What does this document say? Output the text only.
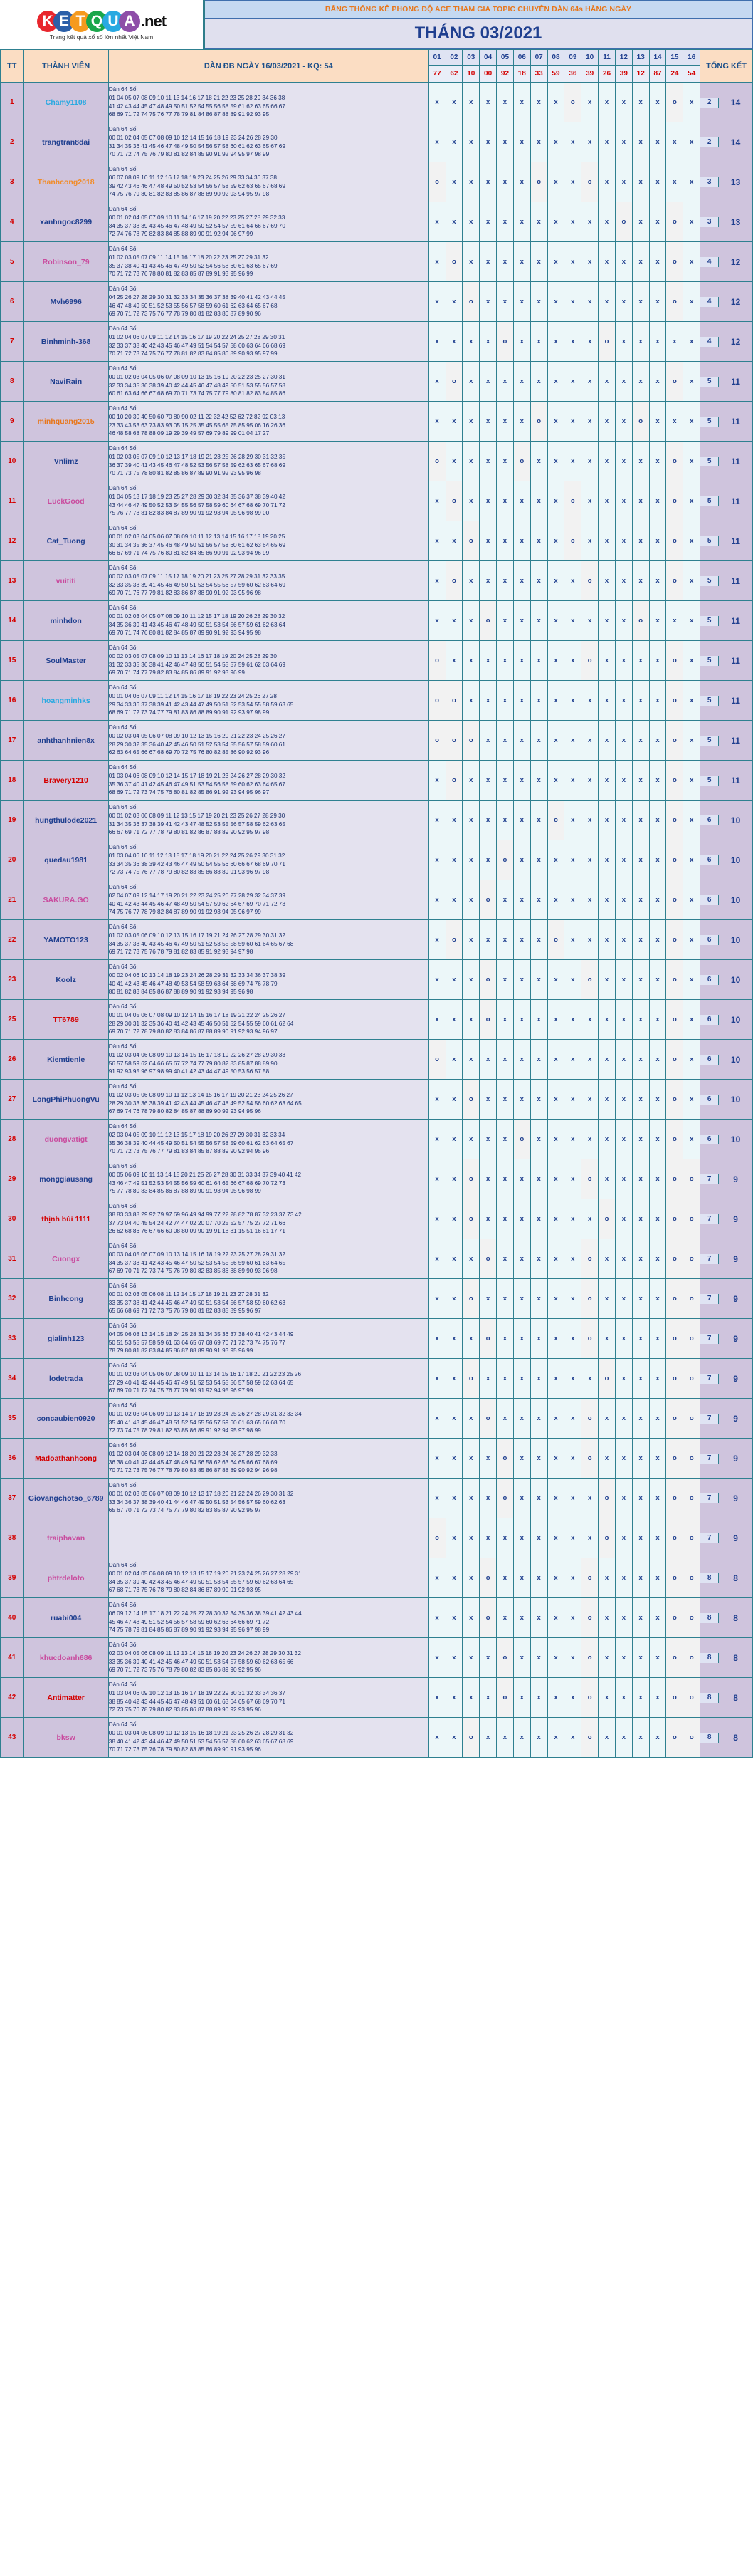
K E T Q U A .net
Trang kết quả xổ số lớn nhất Việt Nam
BẢNG THỐNG KÊ PHONG ĐỘ ACE THAM GIA TOPIC CHUYÊN DÀN 64s HÀNG NGÀY
THÁNG 03/2021
TT	THÀNH VIÊN	DÀN ĐB NGÀY 16/03/2021 - KQ: 54	01	02	03	04	05	06	07	08	09	10	11	12	13	14	15	16	TỔNG KẾT
			77	62	10	00	92	18	33	59	36	39	26	39	12	87	24	54	
1	Chamy1108	
Dàn 64 Số:
01 04 05 07 08 09 10 11 13 14 16 17 18 21 22 23 25 28 29 34 36 38
41 42 43 44 45 47 48 49 50 51 52 54 55 56 58 59 61 62 63 65 66 67
68 69 71 72 74 75 76 77 78 79 81 84 86 87 88 89 91 92 93 95
	x	x	x	x	x	x	x	x	o	x	x	x	x	x	o	x	2	14

2	trangtran8dai	
Dàn 64 Số:
00 01 02 04 05 07 08 09 10 12 14 15 16 18 19 23 24 26 28 29 30
31 34 35 36 41 45 46 47 48 49 50 54 56 57 58 60 61 62 63 65 67 69
70 71 72 74 75 76 79 80 81 82 84 85 90 91 92 94 95 97 98 99
	x	x	x	x	x	x	x	x	x	x	x	x	x	x	x	x	2	14

3	Thanhcong2018	
Dàn 64 Số:
06 07 08 09 10 11 12 16 17 18 19 23 24 25 26 29 33 34 36 37 38
39 42 43 46 46 47 48 49 50 52 53 54 56 57 58 59 62 63 65 67 68 69
74 75 76 79 80 81 82 83 85 86 87 88 89 90 92 93 94 95 97 98
	o	x	x	x	x	x	o	x	x	o	x	x	x	x	x	x	3	13

4	xanhngoc8299	
Dàn 64 Số:
00 01 02 04 05 07 09 10 11 14 16 17 19 20 22 23 25 27 28 29 32 33
34 35 37 38 39 43 45 46 47 48 49 50 52 54 57 59 61 64 66 67 69 70
72 74 76 78 79 82 83 84 85 88 89 90 91 92 94 96 97 99
	x	x	x	x	x	x	x	x	x	x	x	o	x	x	o	x	3	13

5	Robinson_79	
Dàn 64 Số:
01 02 03 05 07 09 11 14 15 16 17 18 20 22 23 25 27 29 31 32
35 37 38 40 41 43 45 46 47 49 50 52 54 56 58 60 61 63 65 67 69
70 71 72 73 76 78 80 81 82 83 85 87 89 91 93 95 96 99
	x	o	x	x	x	x	x	x	x	x	x	x	x	x	o	x	4	12

6	Mvh6996	
Dàn 64 Số:
04 25 26 27 28 29 30 31 32 33 34 35 36 37 38 39 40 41 42 43 44 45
46 47 48 49 50 51 52 53 55 56 57 58 59 60 61 62 63 64 65 67 68
69 70 71 72 73 75 76 77 78 79 80 81 82 83 86 87 89 90 96
	x	x	o	x	x	x	x	x	x	x	x	x	x	x	o	x	4	12

7	Binhminh-368	
Dàn 64 Số:
01 02 04 06 07 09 11 12 14 15 16 17 19 20 22 24 25 27 28 29 30 31
32 33 37 38 40 42 43 45 46 47 49 51 54 54 57 58 60 63 64 66 68 69
70 71 72 73 74 75 76 77 78 81 82 83 84 85 86 89 90 93 95 97 99
	x	x	x	x	o	x	x	x	x	x	o	x	x	x	x	x	4	12

8	NaviRain	
Dàn 64 Số:
00 01 02 03 04 05 06 07 08 09 10 13 15 16 19 20 22 23 25 27 30 31
32 33 34 35 36 38 39 40 42 44 45 46 47 48 49 50 51 53 55 56 57 58
60 61 63 64 66 67 68 69 70 71 73 74 75 77 79 80 81 82 83 84 85 86
	x	o	x	x	x	x	x	x	x	x	x	x	x	x	o	x	5	11

9	minhquang2015	
Dàn 64 Số:
00 10 20 30 40 50 60 70 80 90 02 11 22 32 42 52 62 72 82 92 03 13
23 33 43 53 63 73 83 93 05 15 25 35 45 55 65 75 85 95 06 16 26 36
46 48 58 68 78 88 09 19 29 39 49 57 69 79 89 99 01 04 17 27
	x	x	x	x	x	x	o	x	x	x	x	x	o	x	x	x	5	11

10	Vnlimz	
Dàn 64 Số:
01 02 03 05 07 09 10 12 13 17 18 19 21 23 25 26 28 29 30 31 32 35
36 37 39 40 41 43 45 46 47 48 52 53 56 57 58 59 62 63 65 67 68 69
70 71 73 75 78 80 81 82 85 86 87 89 90 91 92 93 95 96 98
	o	x	x	x	x	o	x	x	x	x	x	x	x	x	o	x	5	11

11	LuckGood	
Dàn 64 Số:
01 04 05 13 17 18 19 23 25 27 28 29 30 32 34 35 36 37 38 39 40 42
43 44 46 47 49 50 52 53 54 55 56 57 58 59 60 64 67 68 69 70 71 72
75 76 77 78 81 82 83 84 87 89 90 91 92 93 94 95 96 98 99 00
	x	o	x	x	x	x	x	x	o	x	x	x	x	x	o	x	5	11

12	Cat_Tuong	
Dàn 64 Số:
00 01 02 03 04 05 06 07 08 09 10 11 12 13 14 15 16 17 18 19 20 25
30 31 34 35 36 37 45 46 48 49 50 51 56 57 58 60 61 62 63 64 65 69
66 67 69 71 74 75 76 80 81 82 84 85 86 90 91 92 93 94 96 99
	x	x	o	x	x	x	x	x	o	x	x	x	x	x	o	x	5	11

13	vuititi	
Dàn 64 Số:
00 02 03 05 07 09 11 15 17 18 19 20 21 23 25 27 28 29 31 32 33 35
32 33 35 38 39 41 45 46 49 50 51 53 54 55 56 57 59 60 62 63 64 69
69 70 71 76 77 79 81 82 83 86 87 88 90 91 92 93 95 96 98
	x	o	x	x	x	x	x	x	x	o	x	x	x	x	o	x	5	11

14	minhdon	
Dàn 64 Số:
00 01 02 03 04 05 07 08 09 10 11 12 15 17 18 19 20 26 28 29 30 32
34 35 36 39 41 43 45 46 47 48 49 50 51 53 54 56 57 59 61 62 63 64
69 70 71 74 76 80 81 82 84 85 87 89 90 91 92 93 94 95 98
	x	x	x	o	x	x	x	x	x	x	x	x	o	x	x	x	5	11

15	SoulMaster	
Dàn 64 Số:
00 02 03 05 07 08 09 10 11 13 14 16 17 18 19 20 24 25 28 29 30
31 32 33 35 36 38 41 42 46 47 48 50 51 54 55 57 59 61 62 63 64 69
69 70 71 74 77 79 82 83 84 85 86 89 91 92 93 96 99
	o	x	x	x	x	x	x	x	x	o	x	x	x	x	o	x	5	11

16	hoangminhks	
Dàn 64 Số:
00 01 04 06 07 09 11 12 14 15 16 17 18 19 22 23 24 25 26 27 28
29 34 33 36 37 38 39 41 42 43 44 47 49 50 51 52 53 54 55 58 59 63 65
68 69 71 72 73 74 77 79 81 83 86 88 89 90 91 92 93 97 98 99
	o	o	x	x	x	x	x	x	x	x	x	x	x	x	o	x	5	11

17	anhthanhnien8x	
Dàn 64 Số:
00 02 03 04 05 06 07 08 09 10 12 13 15 16 20 21 22 23 24 25 26 27
28 29 30 32 35 36 40 42 45 46 50 51 52 53 54 55 56 57 58 59 60 61
62 63 64 65 66 67 68 69 70 72 75 76 80 82 85 86 90 92 93 96
	o	o	o	x	x	x	x	x	x	x	x	x	x	x	o	x	5	11

18	Bravery1210	
Dàn 64 Số:
01 03 04 06 08 09 10 12 14 15 17 18 19 21 23 24 26 27 28 29 30 32
35 36 37 40 41 42 45 46 47 49 51 53 54 56 58 59 60 62 63 64 65 67
68 69 71 72 73 74 75 76 80 81 82 85 86 91 92 93 94 95 96 97
	x	o	x	x	x	x	x	x	x	x	x	x	x	x	o	x	5	11

19	hungthulode2021	
Dàn 64 Số:
00 01 02 03 06 08 09 11 12 13 15 17 19 20 21 23 25 26 27 28 29 30
31 34 35 36 37 38 39 41 42 43 47 48 52 53 55 56 57 58 59 62 63 65
66 67 69 71 72 77 78 79 80 81 82 86 87 88 89 90 92 95 97 98
	x	x	x	x	x	x	x	o	x	x	x	x	x	x	o	x	6	10

20	quedau1981	
Dàn 64 Số:
01 03 04 06 10 11 12 13 15 17 18 19 20 21 22 24 25 26 29 30 31 32
33 34 35 36 38 39 42 43 46 47 49 50 54 55 56 60 66 67 68 69 70 71
72 73 74 75 76 77 78 79 80 82 83 85 86 88 89 91 93 96 97 98
	x	x	x	x	o	x	x	x	x	x	x	x	x	x	o	x	6	10

21	SAKURA.GO	
Dàn 64 Số:
02 04 07 09 12 14 17 19 20 21 22 23 24 25 26 27 28 29 32 34 37 39
40 41 42 43 44 45 46 47 48 49 50 54 57 59 62 64 67 69 70 71 72 73
74 75 76 77 78 79 82 84 87 89 90 91 92 93 94 95 96 97 99
	x	x	x	o	x	x	x	x	x	x	x	x	x	x	o	x	6	10

22	YAMOTO123	
Dàn 64 Số:
01 02 03 05 06 09 10 12 13 15 16 17 19 21 24 26 27 28 29 30 31 32
34 35 37 38 40 43 45 46 47 49 50 51 52 53 55 58 59 60 61 64 65 67 68
69 71 72 73 75 76 78 79 81 82 83 85 91 92 93 94 97 98
	x	o	x	x	x	x	x	o	x	x	x	x	x	x	o	x	6	10

23	Koolz	
Dàn 64 Số:
00 02 04 06 10 13 14 18 19 23 24 26 28 29 31 32 33 34 36 37 38 39
40 41 42 43 45 46 47 48 49 53 54 58 59 63 64 68 69 74 76 78 79
80 81 82 83 84 85 86 87 88 89 90 91 92 93 94 95 96 98
	x	x	x	o	x	x	x	x	x	o	x	x	x	x	o	x	6	10

25	TT6789	
Dàn 64 Số:
00 01 04 05 06 07 08 09 10 12 14 15 16 17 18 19 21 22 24 25 26 27
28 29 30 31 32 35 36 40 41 42 43 45 46 50 51 52 54 55 59 60 61 62 64
69 70 71 72 78 79 80 82 83 84 86 87 88 89 90 91 92 93 94 96 97
	x	x	x	o	x	x	x	x	x	x	x	x	x	x	o	x	6	10

26	Kiemtienle	
Dàn 64 Số:
01 02 03 04 06 08 09 10 13 14 15 16 17 18 19 22 26 27 28 29 30 33
56 57 58 59 62 64 66 65 67 72 74 77 79 80 82 83 85 87 88 89 90
91 92 93 95 96 97 98 99 40 41 42 43 44 47 49 50 53 56 57 58
	o	x	x	x	x	x	x	x	x	x	x	x	x	x	o	x	6	10

27	LongPhiPhuongVu	
Dàn 64 Số:
01 02 03 05 06 08 09 10 11 12 13 14 15 16 17 19 20 21 23 24 25 26 27
28 29 30 33 36 38 39 41 42 43 44 45 46 47 48 49 52 54 56 60 62 63 64 65
67 69 74 76 78 79 80 82 84 85 87 88 89 90 92 93 94 95 96
	x	x	o	x	x	x	x	x	x	x	x	x	x	x	o	x	6	10

28	duongvatigt	
Dàn 64 Số:
02 03 04 05 09 10 11 12 13 15 17 18 19 20 26 27 29 30 31 32 33 34
35 36 38 39 40 44 45 49 50 51 54 55 56 57 58 59 60 61 62 63 64 65 67
70 71 72 73 75 76 77 79 81 83 84 85 87 88 89 90 92 94 95 96
	x	x	x	x	x	o	x	x	x	x	x	x	x	x	o	x	6	10

29	monggiausang	
Dàn 64 Số:
00 05 06 09 10 11 13 14 15 20 21 25 26 27 28 30 31 33 34 37 39 40 41 42
43 46 47 49 51 52 53 54 55 56 59 60 61 64 65 66 67 68 69 70 72 73
75 77 78 80 83 84 85 86 87 88 89 90 91 93 94 95 96 98 99
	x	x	o	x	x	x	x	x	x	o	x	x	x	x	o	o	7	9

30	thịnh bùi 1111	
Dàn 64 Số:
38 83 33 88 29 92 79 97 69 96 49 94 99 77 22 28 82 78 87 32 23 37 73 42
37 73 04 40 45 54 24 42 74 47 02 20 07 70 25 52 57 75 27 72 71 66
26 62 68 86 76 67 66 60 08 80 09 90 19 91 18 81 15 51 16 61 17 71
	x	x	o	x	x	x	x	x	x	x	o	x	x	x	o	o	7	9

31	Cuongx	
Dàn 64 Số:
00 03 04 05 06 07 09 10 13 14 15 16 18 19 22 23 25 27 28 29 31 32
34 35 37 38 41 42 43 45 46 47 50 52 53 54 55 56 59 60 61 63 64 65
67 69 70 71 72 73 74 75 76 79 80 82 83 85 86 88 89 90 93 96 98
	x	x	x	o	x	x	x	x	x	o	x	x	x	x	o	o	7	9

32	Binhcong	
Dàn 64 Số:
00 01 02 03 05 06 08 11 12 14 15 17 18 19 21 23 27 28 31 32
33 35 37 38 41 42 44 45 46 47 49 50 51 53 54 56 57 58 59 60 62 63
65 66 68 69 71 72 73 75 76 79 80 81 82 83 85 89 95 96 97
	x	x	o	x	x	x	x	x	x	o	x	x	x	x	o	o	7	9

33	gialinh123	
Dàn 64 Số:
04 05 06 08 13 14 15 18 24 25 28 31 34 35 36 37 38 40 41 42 43 44 49
50 51 53 55 57 58 59 61 63 64 65 67 68 69 70 71 72 73 74 75 76 77
78 79 80 81 82 83 84 85 86 87 88 89 90 91 93 95 96 99
	x	x	x	o	x	x	x	x	x	o	x	x	x	x	o	o	7	9

34	lodetrada	
Dàn 64 Số:
00 01 02 03 04 05 06 07 08 09 10 11 13 14 15 16 17 18 20 21 22 23 25 26
27 29 40 41 42 44 45 46 47 49 51 52 53 54 55 56 57 58 59 62 63 64 65
67 69 70 71 72 74 75 76 77 79 90 91 92 94 95 96 97 99
	x	x	o	x	x	x	x	x	x	x	o	x	x	x	o	o	7	9

35	concaubien0920	
Dàn 64 Số:
00 01 02 03 04 06 09 10 13 14 17 18 19 23 24 25 26 27 28 29 31 32 33 34
35 40 41 43 45 46 47 48 51 52 54 55 56 57 59 60 61 63 65 66 68 70
72 73 74 75 78 79 81 82 83 85 86 89 91 92 94 95 97 98 99
	x	x	x	o	x	x	x	x	x	o	x	x	x	x	o	o	7	9

36	Madoathanhcong	
Dàn 64 Số:
01 02 03 04 06 08 09 12 14 18 20 21 22 23 24 26 27 28 29 32 33
36 38 40 41 42 44 45 47 48 49 54 56 58 62 63 64 65 66 67 68 69
70 71 72 73 75 76 77 78 79 80 83 85 86 87 88 89 90 92 94 96 98
	x	x	x	x	o	x	x	x	x	o	x	x	x	x	o	o	7	9

37	Giovangchotso_6789	
Dàn 64 Số:
00 01 02 03 05 06 07 08 09 10 12 13 17 18 20 21 22 24 26 29 30 31 32
33 34 36 37 38 39 40 41 44 46 47 49 50 51 53 54 56 57 59 60 62 63
65 67 70 71 72 73 74 75 77 79 80 82 83 85 87 90 92 95 97
	x	x	x	x	o	x	x	x	x	x	o	x	x	x	o	o	7	9

38	traiphavan		o	x	x	x	x	x	x	x	x	x	o	x	x	x	o	o	7 9

39	phtrdeloto	
Dàn 64 Số:
00 01 02 04 05 06 08 09 10 12 13 15 17 19 20 21 23 24 25 26 27 28 29 31
34 35 37 39 40 42 43 45 46 47 49 50 51 53 54 55 57 59 60 62 63 64 65
67 68 71 73 75 76 78 79 80 82 84 86 87 89 90 91 92 93 95
	x	x	x	o	x	x	x	x	x	o	x	x	x	x	o	o	8	8

40	ruabi004	
Dàn 64 Số:
06 09 12 14 15 17 18 21 22 24 25 27 28 30 32 34 35 36 38 39 41 42 43 44
45 46 47 48 49 51 52 54 56 57 58 59 60 62 63 64 66 69 71 72
74 75 78 79 81 84 85 86 87 89 90 91 92 93 94 95 96 97 98 99
	x	x	x	o	x	x	x	x	x	o	x	x	x	x	o	o	8	8

41	khucdoanh686	
Dàn 64 Số:
02 03 04 05 06 08 09 11 12 13 14 15 18 19 20 23 24 26 27 28 29 30 31 32
33 35 36 39 40 41 42 45 46 47 49 50 51 53 54 57 58 59 60 62 63 65 66
69 70 71 72 73 75 76 78 79 80 82 83 85 86 89 90 92 95 96
	x	x	x	x	o	x	x	x	x	o	x	x	x	x	o	o	8	8

42	Antimatter	
Dàn 64 Số:
01 03 04 06 09 10 12 13 15 16 17 18 19 22 29 30 31 32 33 34 36 37
38 85 40 42 43 44 45 46 47 48 49 51 60 61 63 64 65 67 68 69 70 71
72 73 75 76 78 79 80 82 83 85 86 87 88 89 90 92 93 95 96
	x	x	x	x	o	x	x	x	x	o	x	x	x	x	o	o	8	8

43	bksw	
Dàn 64 Số:
00 01 03 04 06 08 09 10 12 13 15 16 18 19 21 23 25 26 27 28 29 31 32
38 40 41 42 43 44 46 47 49 50 51 53 54 56 57 58 60 62 63 65 67 68 69
70 71 72 73 75 76 78 79 80 82 83 85 86 89 90 91 93 95 96
	x	x	o	x	x	x	x	x	x	o	x	x	x	x	o	o	8	8
